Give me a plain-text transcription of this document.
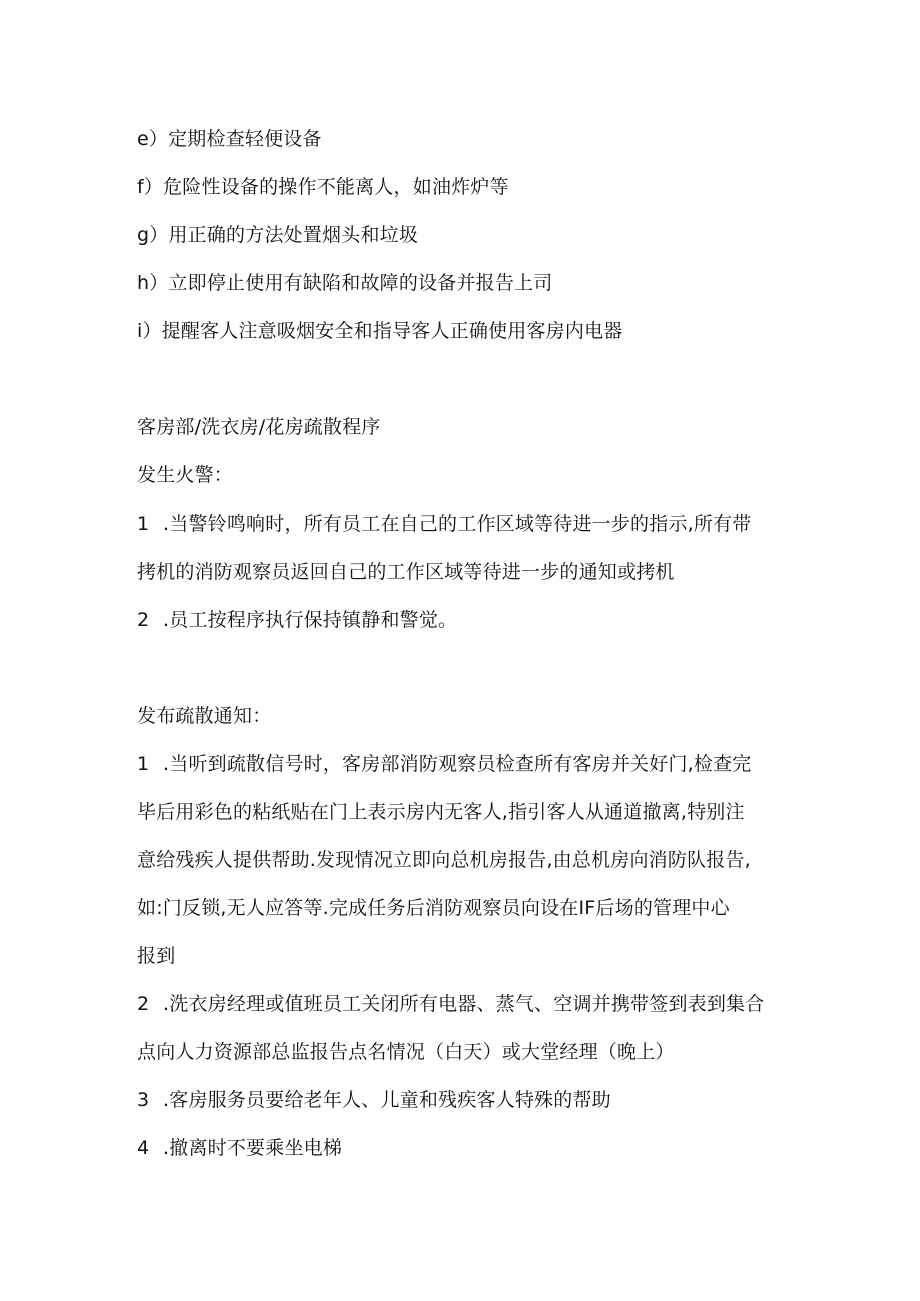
e）定期检查轻便设备
f）危险性设备的操作不能离人，如油炸炉等
g）用正确的方法处置烟头和垃圾
h）立即停止使用有缺陷和故障的设备并报告上司
i）提醒客人注意吸烟安全和指导客人正确使用客房内电器
客房部/洗衣房/花房疏散程序
发生火警：
1 .当警铃鸣响时，所有员工在自己的工作区域等待进一步的指示,所有带
拷机的消防观察员返回自己的工作区域等待进一步的通知或拷机
2 .员工按程序执行保持镇静和警觉。
发布疏散通知：
1 .当听到疏散信号时，客房部消防观察员检查所有客房并关好门,检查完
毕后用彩色的粘纸贴在门上表示房内无客人,指引客人从通道撤离,特别注
意给残疾人提供帮助.发现情况立即向总机房报告,由总机房向消防队报告,
如:门反锁,无人应答等.完成任务后消防观察员向设在IF后场的管理中心
报到
2 .洗衣房经理或值班员工关闭所有电器、蒸气、空调并携带签到表到集合
点向人力资源部总监报告点名情况（白天）或大堂经理（晚上）
3 .客房服务员要给老年人、儿童和残疾客人特殊的帮助
4 .撤离时不要乘坐电梯
